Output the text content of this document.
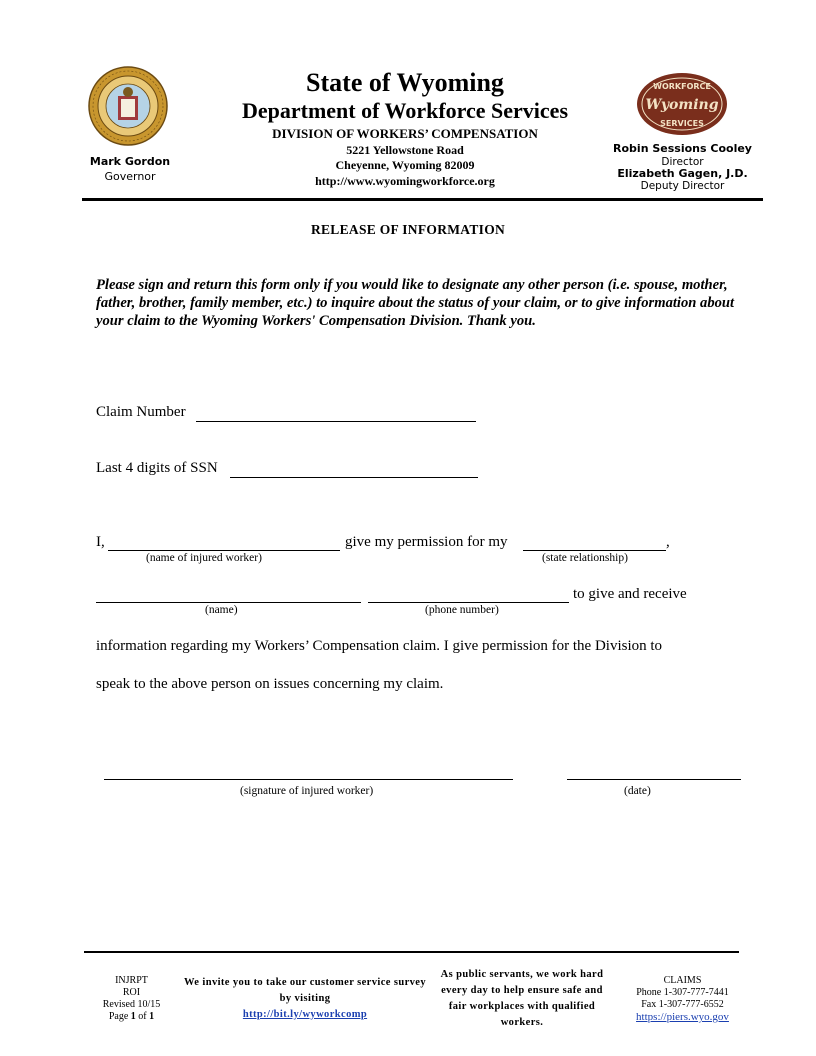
WORKFORCE
Wyoming
SERVICES
State of Wyoming
Department of Workforce Services
DIVISION OF WORKERS’ COMPENSATION
5221 Yellowstone Road
Cheyenne, Wyoming 82009
http://www.wyomingworkforce.org
Mark Gordon
Governor
Robin Sessions Cooley
Director
Elizabeth Gagen, J.D.
Deputy Director
RELEASE OF INFORMATION
Please sign and return this form only if you would like to designate any other person (i.e. spouse, mother, father, brother, family member, etc.) to inquire about the status of your claim, or to give information about your claim to the Wyoming Workers' Compensation Division. Thank you.
Claim Number
Last 4 digits of SSN
I,	give my permission for my	,
(name of injured worker)	(state relationship)
to give and receive
(name)	(phone number)
information regarding my Workers’ Compensation claim. I give permission for the Division to
speak to the above person on issues concerning my claim.
(signature of injured worker)	(date)
INJRPT
ROI
Revised 10/15
Page 1 of 1
We invite you to take our customer service survey by visiting
http://bit.ly/wyworkcomp
As public servants, we work hard every day to help ensure safe and fair workplaces with qualified workers.
CLAIMS
Phone 1-307-777-7441
Fax 1-307-777-6552
https://piers.wyo.gov
